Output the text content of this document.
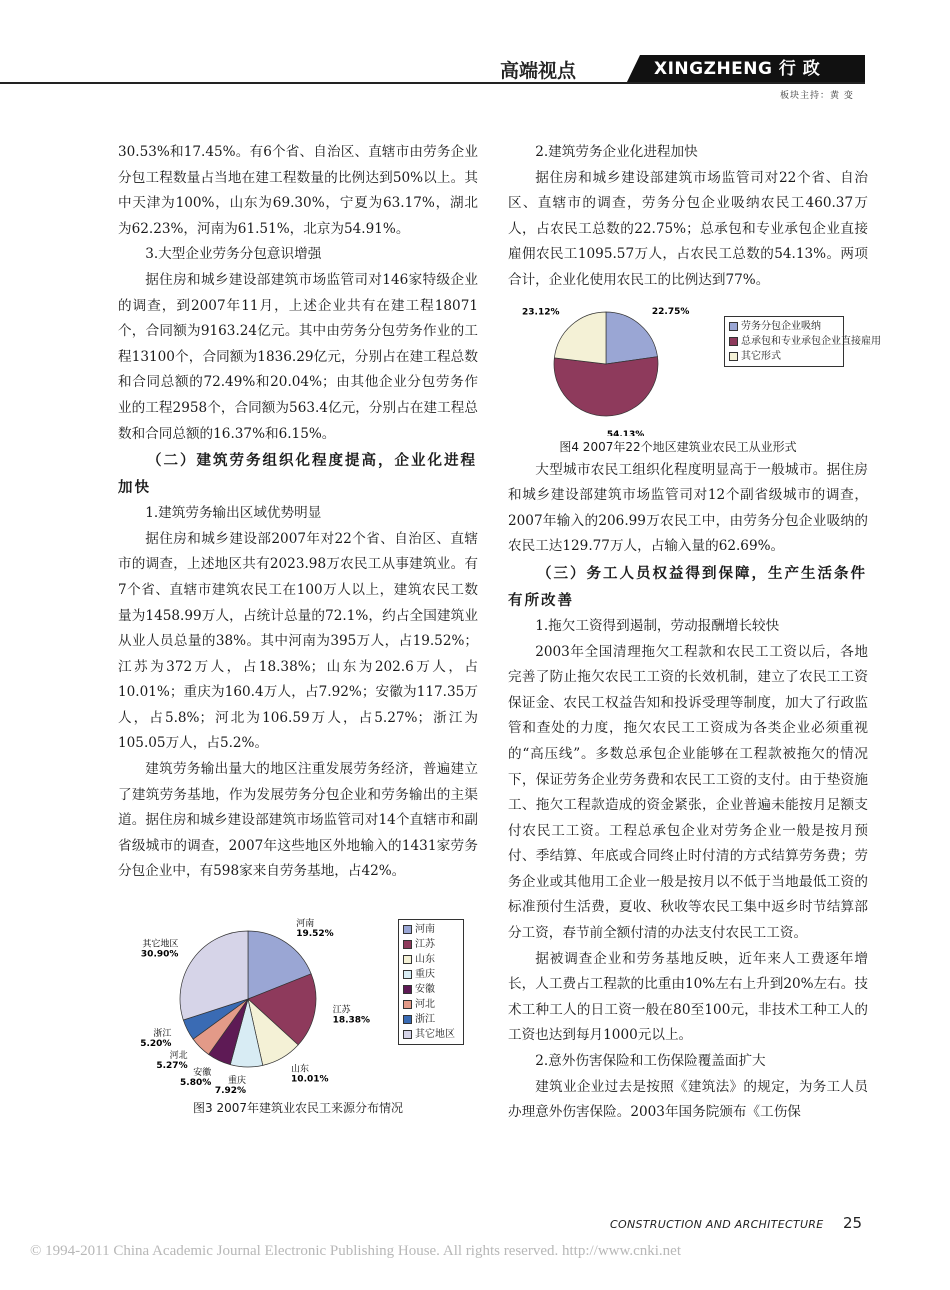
高端视点	XINGZHENG 行 政
板块主持：黄 变

30.53%和17.45%。有6个省、自治区、直辖市由劳务企业分包工程数量占当地在建工程数量的比例达到50%以上。其中天津为100%，山东为69.30%，宁夏为63.17%，湖北为62.23%，河南为61.51%，北京为54.91%。

3.大型企业劳务分包意识增强

据住房和城乡建设部建筑市场监管司对146家特级企业的调查，到2007年11月，上述企业共有在建工程18071个，合同额为9163.24亿元。其中由劳务分包劳务作业的工程13100个，合同额为1836.29亿元，分别占在建工程总数和合同总额的72.49%和20.04%；由其他企业分包劳务作业的工程2958个，合同额为563.4亿元，分别占在建工程总数和合同总额的16.37%和6.15%。

（二）建筑劳务组织化程度提高，企业化进程加快

1.建筑劳务输出区域优势明显

据住房和城乡建设部2007年对22个省、自治区、直辖市的调查，上述地区共有2023.98万农民工从事建筑业。有7个省、直辖市建筑农民工在100万人以上，建筑农民工数量为1458.99万人，占统计总量的72.1%，约占全国建筑业从业人员总量的38%。其中河南为395万人，占19.52%；江苏为372万人，占18.38%；山东为202.6万人，占10.01%；重庆为160.4万人，占7.92%；安徽为117.35万人，占5.8%；河北为106.59万人，占5.27%；浙江为105.05万人，占5.2%。

建筑劳务输出量大的地区注重发展劳务经济，普遍建立了建筑劳务基地，作为发展劳务分包企业和劳务输出的主渠道。据住房和城乡建设部建筑市场监管司对14个直辖市和副省级城市的调查，2007年这些地区外地输入的1431家劳务分包企业中，有598家来自劳务基地，占42%。

河南
19.52%
江苏
18.38%
山东
10.01%
重庆
7.92%
安徽
5.80%
河北
5.27%
浙江
5.20%
其它地区
30.90%
河南
江苏
山东
重庆
安徽
河北
浙江
其它地区
图3 2007年建筑业农民工来源分布情况

2.建筑劳务企业化进程加快

据住房和城乡建设部建筑市场监管司对22个省、自治区、直辖市的调查，劳务分包企业吸纳农民工460.37万人，占农民工总数的22.75%；总承包和专业承包企业直接雇佣农民工1095.57万人，占农民工总数的54.13%。两项合计，企业化使用农民工的比例达到77%。

22.75%
54.13%
23.12%
劳务分包企业吸纳
总承包和专业承包企业直接雇用
其它形式
图4 2007年22个地区建筑业农民工从业形式

大型城市农民工组织化程度明显高于一般城市。据住房和城乡建设部建筑市场监管司对12个副省级城市的调查，2007年输入的206.99万农民工中，由劳务分包企业吸纳的农民工达129.77万人，占输入量的62.69%。

（三）务工人员权益得到保障，生产生活条件有所改善

1.拖欠工资得到遏制，劳动报酬增长较快

2003年全国清理拖欠工程款和农民工工资以后，各地完善了防止拖欠农民工工资的长效机制，建立了农民工工资保证金、农民工权益告知和投诉受理等制度，加大了行政监管和查处的力度，拖欠农民工工资成为各类企业必须重视的“高压线”。多数总承包企业能够在工程款被拖欠的情况下，保证劳务企业劳务费和农民工工资的支付。由于垫资施工、拖欠工程款造成的资金紧张，企业普遍未能按月足额支付农民工工资。工程总承包企业对劳务企业一般是按月预付、季结算、年底或合同终止时付清的方式结算劳务费；劳务企业或其他用工企业一般是按月以不低于当地最低工资的标准预付生活费，夏收、秋收等农民工集中返乡时节结算部分工资，春节前全额付清的办法支付农民工工资。

据被调查企业和劳务基地反映，近年来人工费逐年增长，人工费占工程款的比重由10%左右上升到20%左右。技术工种工人的日工资一般在80至100元，非技术工种工人的工资也达到每月1000元以上。

2.意外伤害保险和工伤保险覆盖面扩大

建筑业企业过去是按照《建筑法》的规定，为务工人员办理意外伤害保险。2003年国务院颁布《工伤保

CONSTRUCTION AND ARCHITECTURE 25
© 1994-2011 China Academic Journal Electronic Publishing House. All rights reserved. http://www.cnki.net
